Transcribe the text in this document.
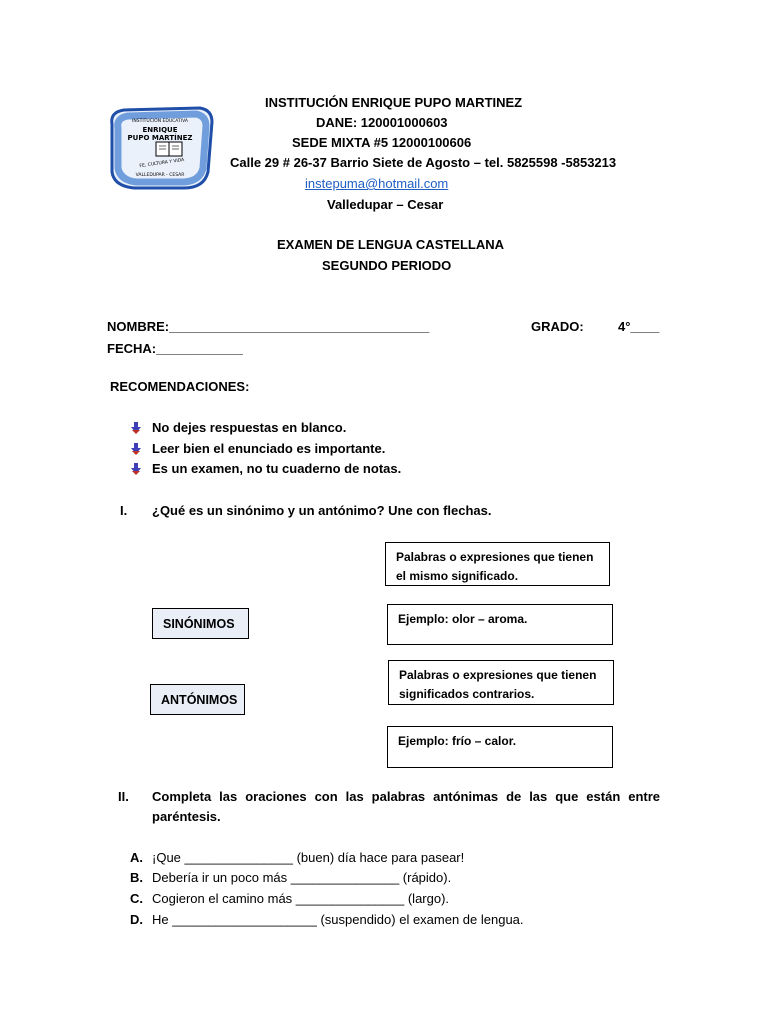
INSTITUCIÓN EDUCATIVA
ENRIQUE
PUPO MARTÍNEZ
FE, CULTURA Y VIDA
VALLEDUPAR - CESAR
INSTITUCIÓN ENRIQUE PUPO MARTINEZ
DANE: 120001000603
SEDE MIXTA #5 12000100606
Calle 29 # 26-37 Barrio Siete de Agosto – tel. 5825598 -5853213
instepuma@hotmail.com
Valledupar – Cesar
EXAMEN DE LENGUA CASTELLANA
SEGUNDO PERIODO
NOMBRE:____________________________________	GRADO:	4°____
FECHA:____________
RECOMENDACIONES:
No dejes respuestas en blanco.
Leer bien el enunciado es importante.
Es un examen, no tu cuaderno de notas.
I. ¿Qué es un sinónimo y un antónimo? Une con flechas.
Palabras o expresiones que tienen el mismo significado.
Ejemplo: olor – aroma.
Palabras o expresiones que tienen significados contrarios.
Ejemplo: frío – calor.
SINÓNIMOS
ANTÓNIMOS
II. Completa las oraciones con las palabras antónimas de las que están entre
paréntesis.
A. ¡Que _______________ (buen) día hace para pasear!
B. Debería ir un poco más _______________ (rápido).
C. Cogieron el camino más _______________ (largo).
D. He ____________________ (suspendido) el examen de lengua.
